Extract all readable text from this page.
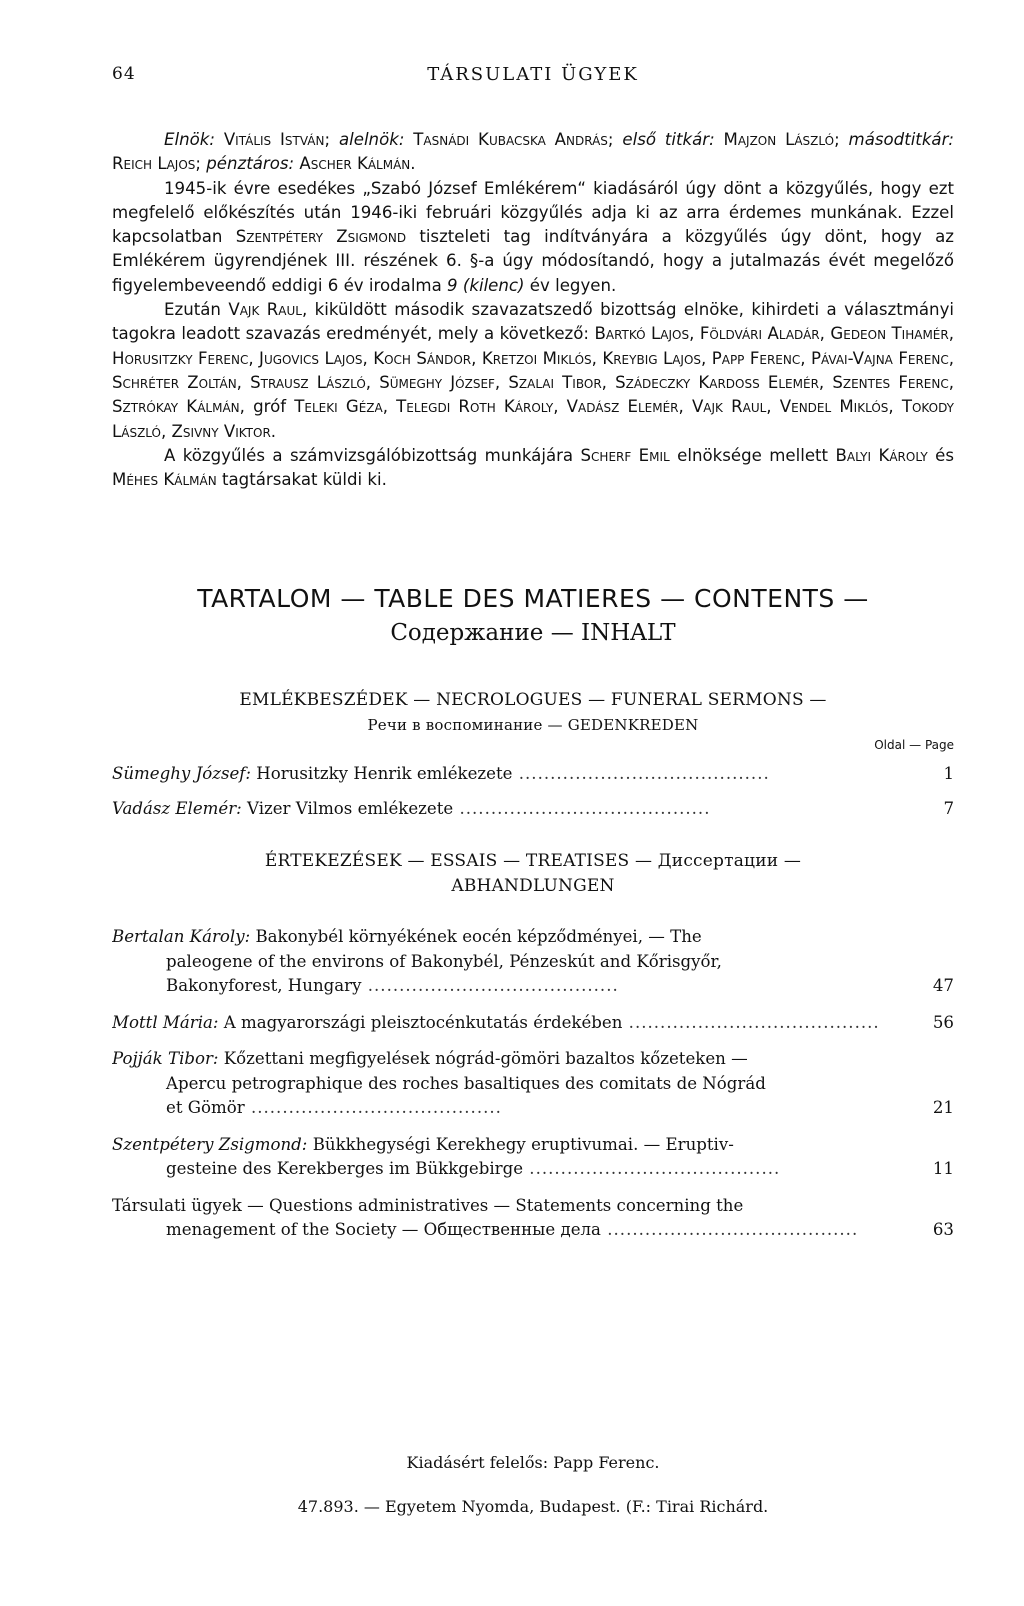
64	TÁRSULATI ÜGYEK

Elnök: Vitális István; alelnök: Tasnádi Kubacska András; első titkár: Majzon László; másodtitkár: Reich Lajos; pénztáros: Ascher Kálmán.

1945-ik évre esedékes „Szabó József Emlékérem“ kiadásáról úgy dönt a közgyűlés, hogy ezt megfelelő előkészítés után 1946-iki februári közgyűlés adja ki az arra érdemes munkának. Ezzel kapcsolatban Szentpétery Zsigmond tiszteleti tag indítványára a közgyűlés úgy dönt, hogy az Emlékérem ügyrendjének III. részének 6. §-a úgy módosítandó, hogy a jutalmazás évét megelőző figyelembeveendő eddigi 6 év irodalma 9 (kilenc) év legyen.

Ezután Vajk Raul, kiküldött második szavazatszedő bizottság elnöke, kihirdeti a választmányi tagokra leadott szavazás eredményét, mely a következő: Bartkó Lajos, Földvári Aladár, Gedeon Tihamér, Horusitzky Ferenc, Jugovics Lajos, Koch Sándor, Kretzoi Miklós, Kreybig Lajos, Papp Ferenc, Pávai-Vajna Ferenc, Schréter Zoltán, Strausz László, Sümeghy József, Szalai Tibor, Szádeczky Kardoss Elemér, Szentes Ferenc, Sztrókay Kálmán, gróf Teleki Géza, Telegdi Roth Károly, Vadász Elemér, Vajk Raul, Vendel Miklós, Tokody László, Zsivny Viktor.

A közgyűlés a számvizsgálóbizottság munkájára Scherf Emil elnöksége mellett Balyi Károly és Méhes Kálmán tagtársakat küldi ki.

TARTALOM — TABLE DES MATIERES — CONTENTS —

Содержание — INHALT

EMLÉKBESZÉDEK — NECROLOGUES — FUNERAL SERMONS —

Речи в воспоминание — GEDENKREDEN

Oldal — Page

Sümeghy József: Horusitzky Henrik emlékezete ........................................	1
Vadász Elemér: Vizer Vilmos emlékezete ........................................	7

ÉRTEKEZÉSEK — ESSAIS — TREATISES — Диссертации —

ABHANDLUNGEN

Bertalan Károly: Bakonybél környékének eocén képződményei, — The
paleogene of the environs of Bakonybél, Pénzeskút and Kőrisgyőr,
Bakonyforest, Hungary ........................................	47
Mottl Mária: A magyarországi pleisztocénkutatás érdekében ........................................	56
Pojják Tibor: Kőzettani megfigyelések nógrád-gömöri bazaltos kőzeteken —
Apercu petrographique des roches basaltiques des comitats de Nógrád
et Gömör ........................................	21
Szentpétery Zsigmond: Bükkhegységi Kerekhegy eruptivumai. — Eruptiv-
gesteine des Kerekberges im Bükkgebirge ........................................	11
Társulati ügyek — Questions administratives — Statements concerning the
menagement of the Society — Общественные дела ........................................	63
Kiadásért felelős: Papp Ferenc.
47.893. — Egyetem Nyomda, Budapest. (F.: Tirai Richárd.
